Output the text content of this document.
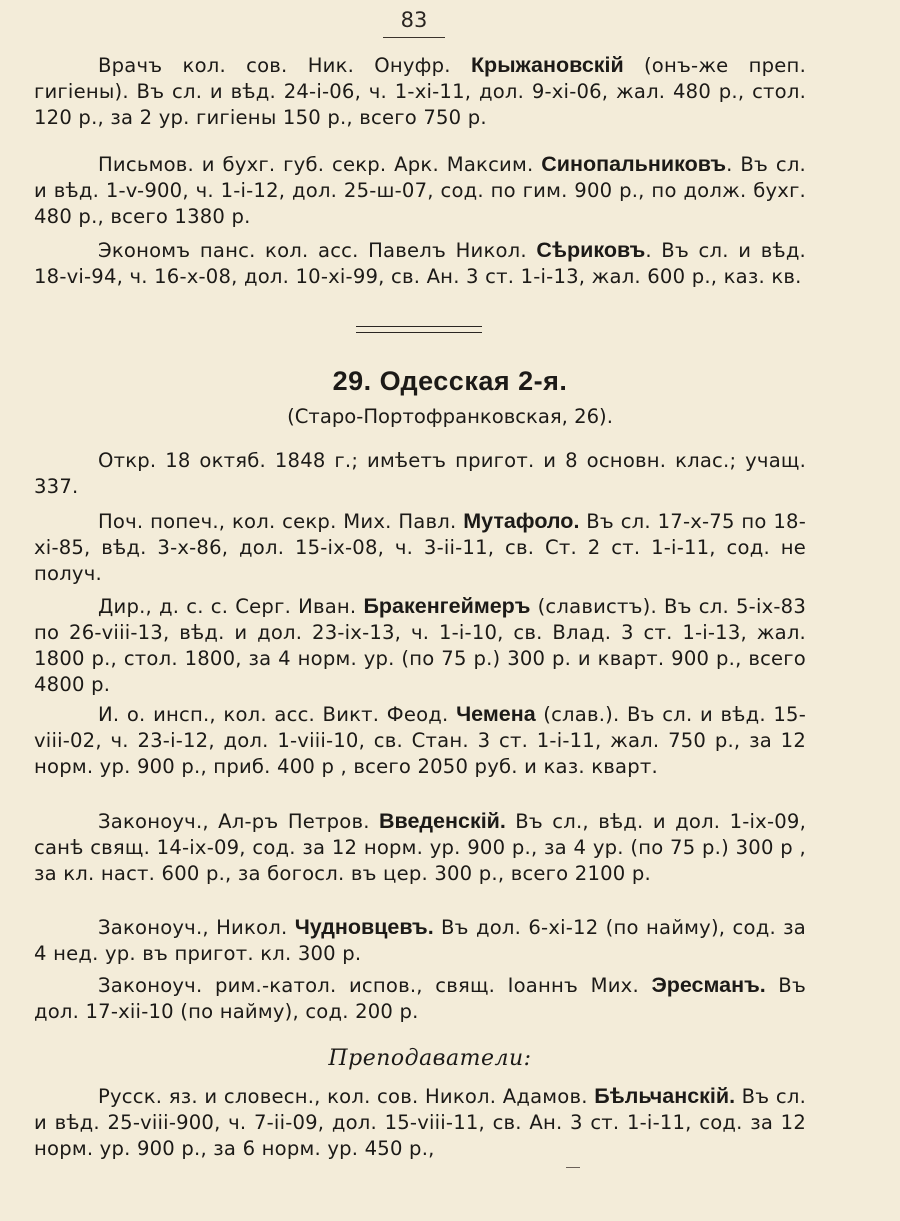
83

Врачъ кол. сов. Ник. Онуфр. Крыжановскій (онъ-же преп. гигіены). Въ сл. и вѣд. 24-i-06, ч. 1-xi-11, дол. 9-xi-06, жал. 480 р., стол. 120 р., за 2 ур. гигіены 150 р., всего 750 р.

Письмов. и бухг. губ. секр. Арк. Максим. Синопальниковъ. Въ сл. и вѣд. 1-v-900, ч. 1-i-12, дол. 25-ш-07, сод. по гим. 900 р., по долж. бухг. 480 р., всего 1380 р.

Экономъ панс. кол. асс. Павелъ Никол. Сѣриковъ. Въ сл. и вѣд. 18-vi-94, ч. 16-x-08, дол. 10-xi-99, св. Ан. 3 ст. 1-i-13, жал. 600 р., каз. кв.

29. Одесская 2-я.
(Старо-Портофранковская, 26).

Откр. 18 октяб. 1848 г.; имѣетъ пригот. и 8 основн. клас.; учащ. 337.

Поч. попеч., кол. секр. Мих. Павл. Мутафоло. Въ сл. 17-x-75 по 18-xi-85, вѣд. 3-x-86, дол. 15-ix-08, ч. 3-ii-11, св. Ст. 2 ст. 1-i-11, сод. не получ.

Дир., д. с. с. Серг. Иван. Бракенгеймеръ (славистъ). Въ сл. 5-ix-83 по 26-viii-13, вѣд. и дол. 23-ix-13, ч. 1-i-10, св. Влад. 3 ст. 1-i-13, жал. 1800 р., стол. 1800, за 4 норм. ур. (по 75 р.) 300 р. и кварт. 900 р., всего 4800 р.

И. о. инсп., кол. асс. Викт. Феод. Чемена (слав.). Въ сл. и вѣд. 15-viii-02, ч. 23-i-12, дол. 1-viii-10, св. Стан. 3 ст. 1-i-11, жал. 750 р., за 12 норм. ур. 900 р., приб. 400 р , всего 2050 руб. и каз. кварт.

Законоуч., Ал-ръ Петров. Введенскій. Въ сл., вѣд. и дол. 1-ix-09, санѣ свящ. 14-ix-09, сод. за 12 норм. ур. 900 р., за 4 ур. (по 75 р.) 300 р , за кл. наст. 600 р., за богосл. въ цер. 300 р., всего 2100 р.

Законоуч., Никол. Чудновцевъ. Въ дол. 6-xi-12 (по найму), сод. за 4 нед. ур. въ пригот. кл. 300 р.

Законоуч. рим.-катол. испов., свящ. Іоаннъ Мих. Эресманъ. Въ дол. 17-xii-10 (по найму), сод. 200 р.

Преподаватели:

Русск. яз. и словесн., кол. сов. Никол. Адамов. Бѣльчанскій. Въ сл. и вѣд. 25-viii-900, ч. 7-ii-09, дол. 15-viii-11, св. Ан. 3 ст. 1-i-11, сод. за 12 норм. ур. 900 р., за 6 норм. ур. 450 р.,
